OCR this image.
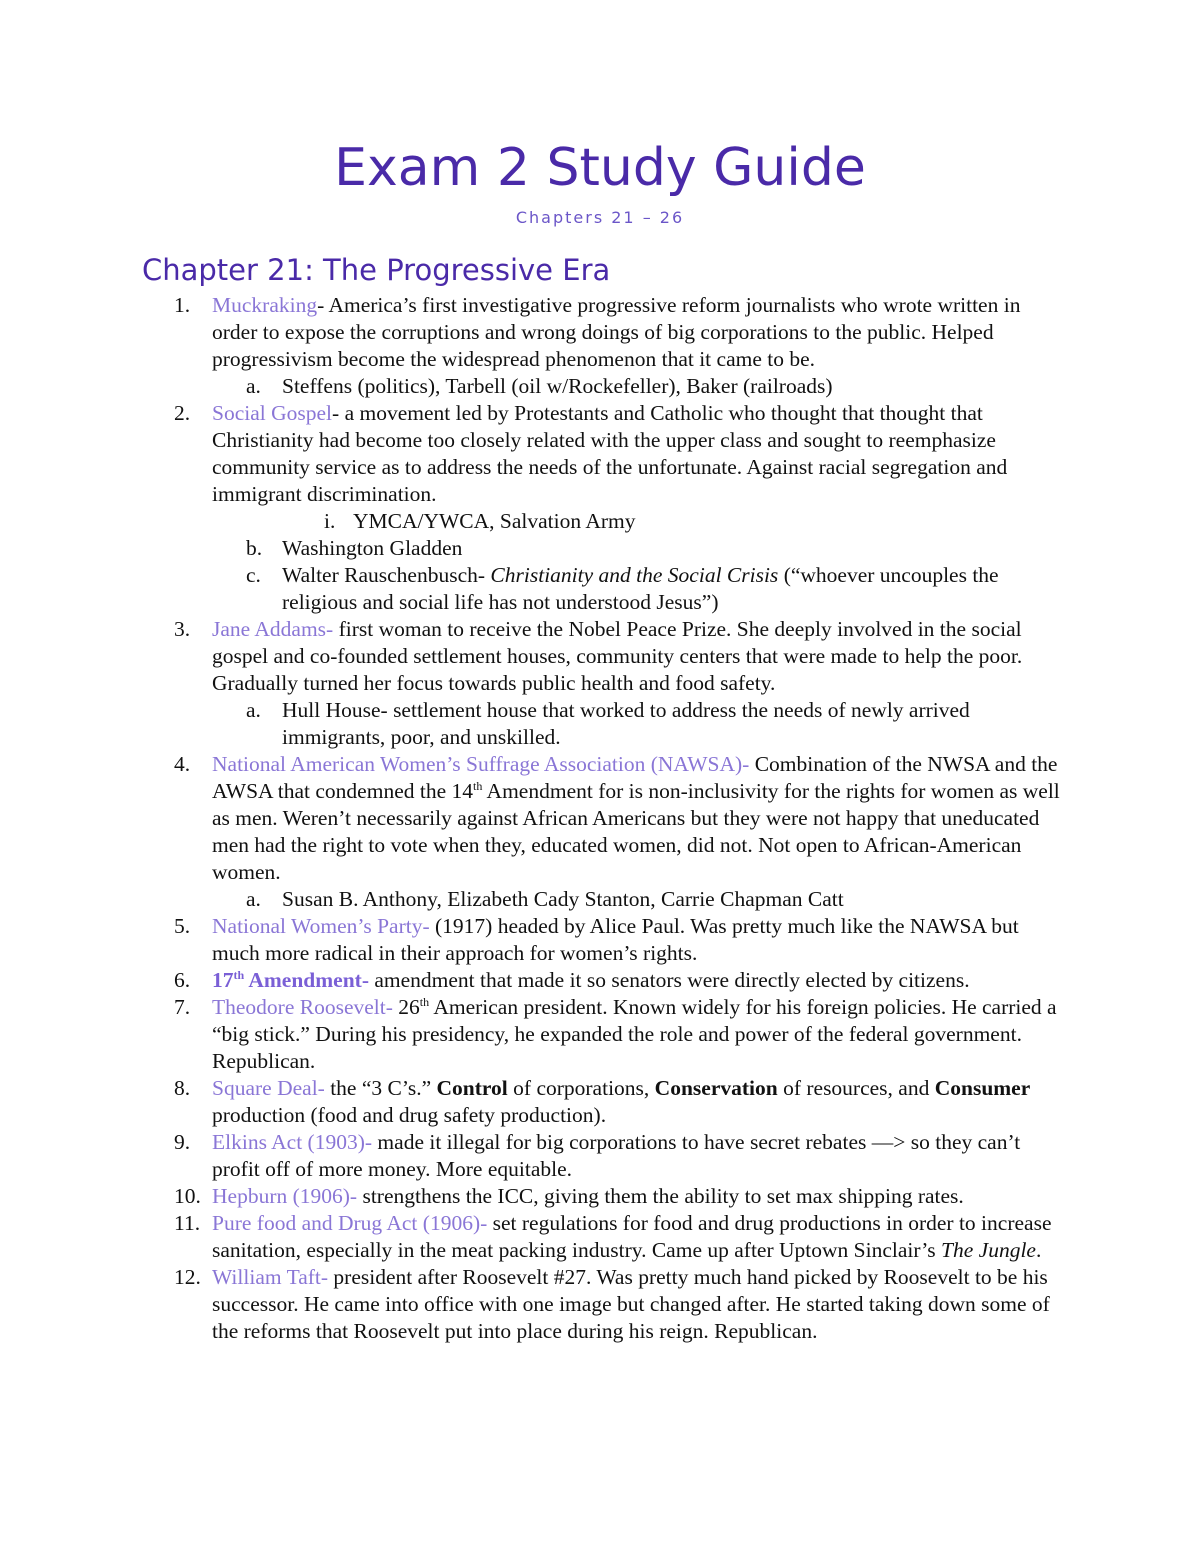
Exam 2 Study Guide
Chapters 21 – 26
Chapter 21: The Progressive Era
1. Muckraking- America’s first investigative progressive reform journalists who wrote written in order to expose the corruptions and wrong doings of big corporations to the public. Helped progressivism become the widespread phenomenon that it came to be.
a. Steffens (politics), Tarbell (oil w/Rockefeller), Baker (railroads)
2. Social Gospel- a movement led by Protestants and Catholic who thought that thought that Christianity had become too closely related with the upper class and sought to reemphasize community service as to address the needs of the unfortunate. Against racial segregation and immigrant discrimination.
i. YMCA/YWCA, Salvation Army
b. Washington Gladden
c. Walter Rauschenbusch- Christianity and the Social Crisis (“whoever uncouples the religious and social life has not understood Jesus”)
3. Jane Addams- first woman to receive the Nobel Peace Prize. She deeply involved in the social gospel and co-founded settlement houses, community centers that were made to help the poor. Gradually turned her focus towards public health and food safety.
a. Hull House- settlement house that worked to address the needs of newly arrived immigrants, poor, and unskilled.
4. National American Women’s Suffrage Association (NAWSA)- Combination of the NWSA and the AWSA that condemned the 14th Amendment for is non-inclusivity for the rights for women as well as men. Weren’t necessarily against African Americans but they were not happy that uneducated men had the right to vote when they, educated women, did not. Not open to African-American women.
a. Susan B. Anthony, Elizabeth Cady Stanton, Carrie Chapman Catt
5. National Women’s Party- (1917) headed by Alice Paul. Was pretty much like the NAWSA but much more radical in their approach for women’s rights.
6. 17th Amendment- amendment that made it so senators were directly elected by citizens.
7. Theodore Roosevelt- 26th American president. Known widely for his foreign policies. He carried a “big stick.” During his presidency, he expanded the role and power of the federal government. Republican.
8. Square Deal- the “3 C’s.” Control of corporations, Conservation of resources, and Consumer production (food and drug safety production).
9. Elkins Act (1903)- made it illegal for big corporations to have secret rebates —> so they can’t profit off of more money. More equitable.
10. Hepburn (1906)- strengthens the ICC, giving them the ability to set max shipping rates.
11. Pure food and Drug Act (1906)- set regulations for food and drug productions in order to increase sanitation, especially in the meat packing industry. Came up after Uptown Sinclair’s The Jungle.
12. William Taft- president after Roosevelt #27. Was pretty much hand picked by Roosevelt to be his successor. He came into office with one image but changed after. He started taking down some of the reforms that Roosevelt put into place during his reign. Republican.
